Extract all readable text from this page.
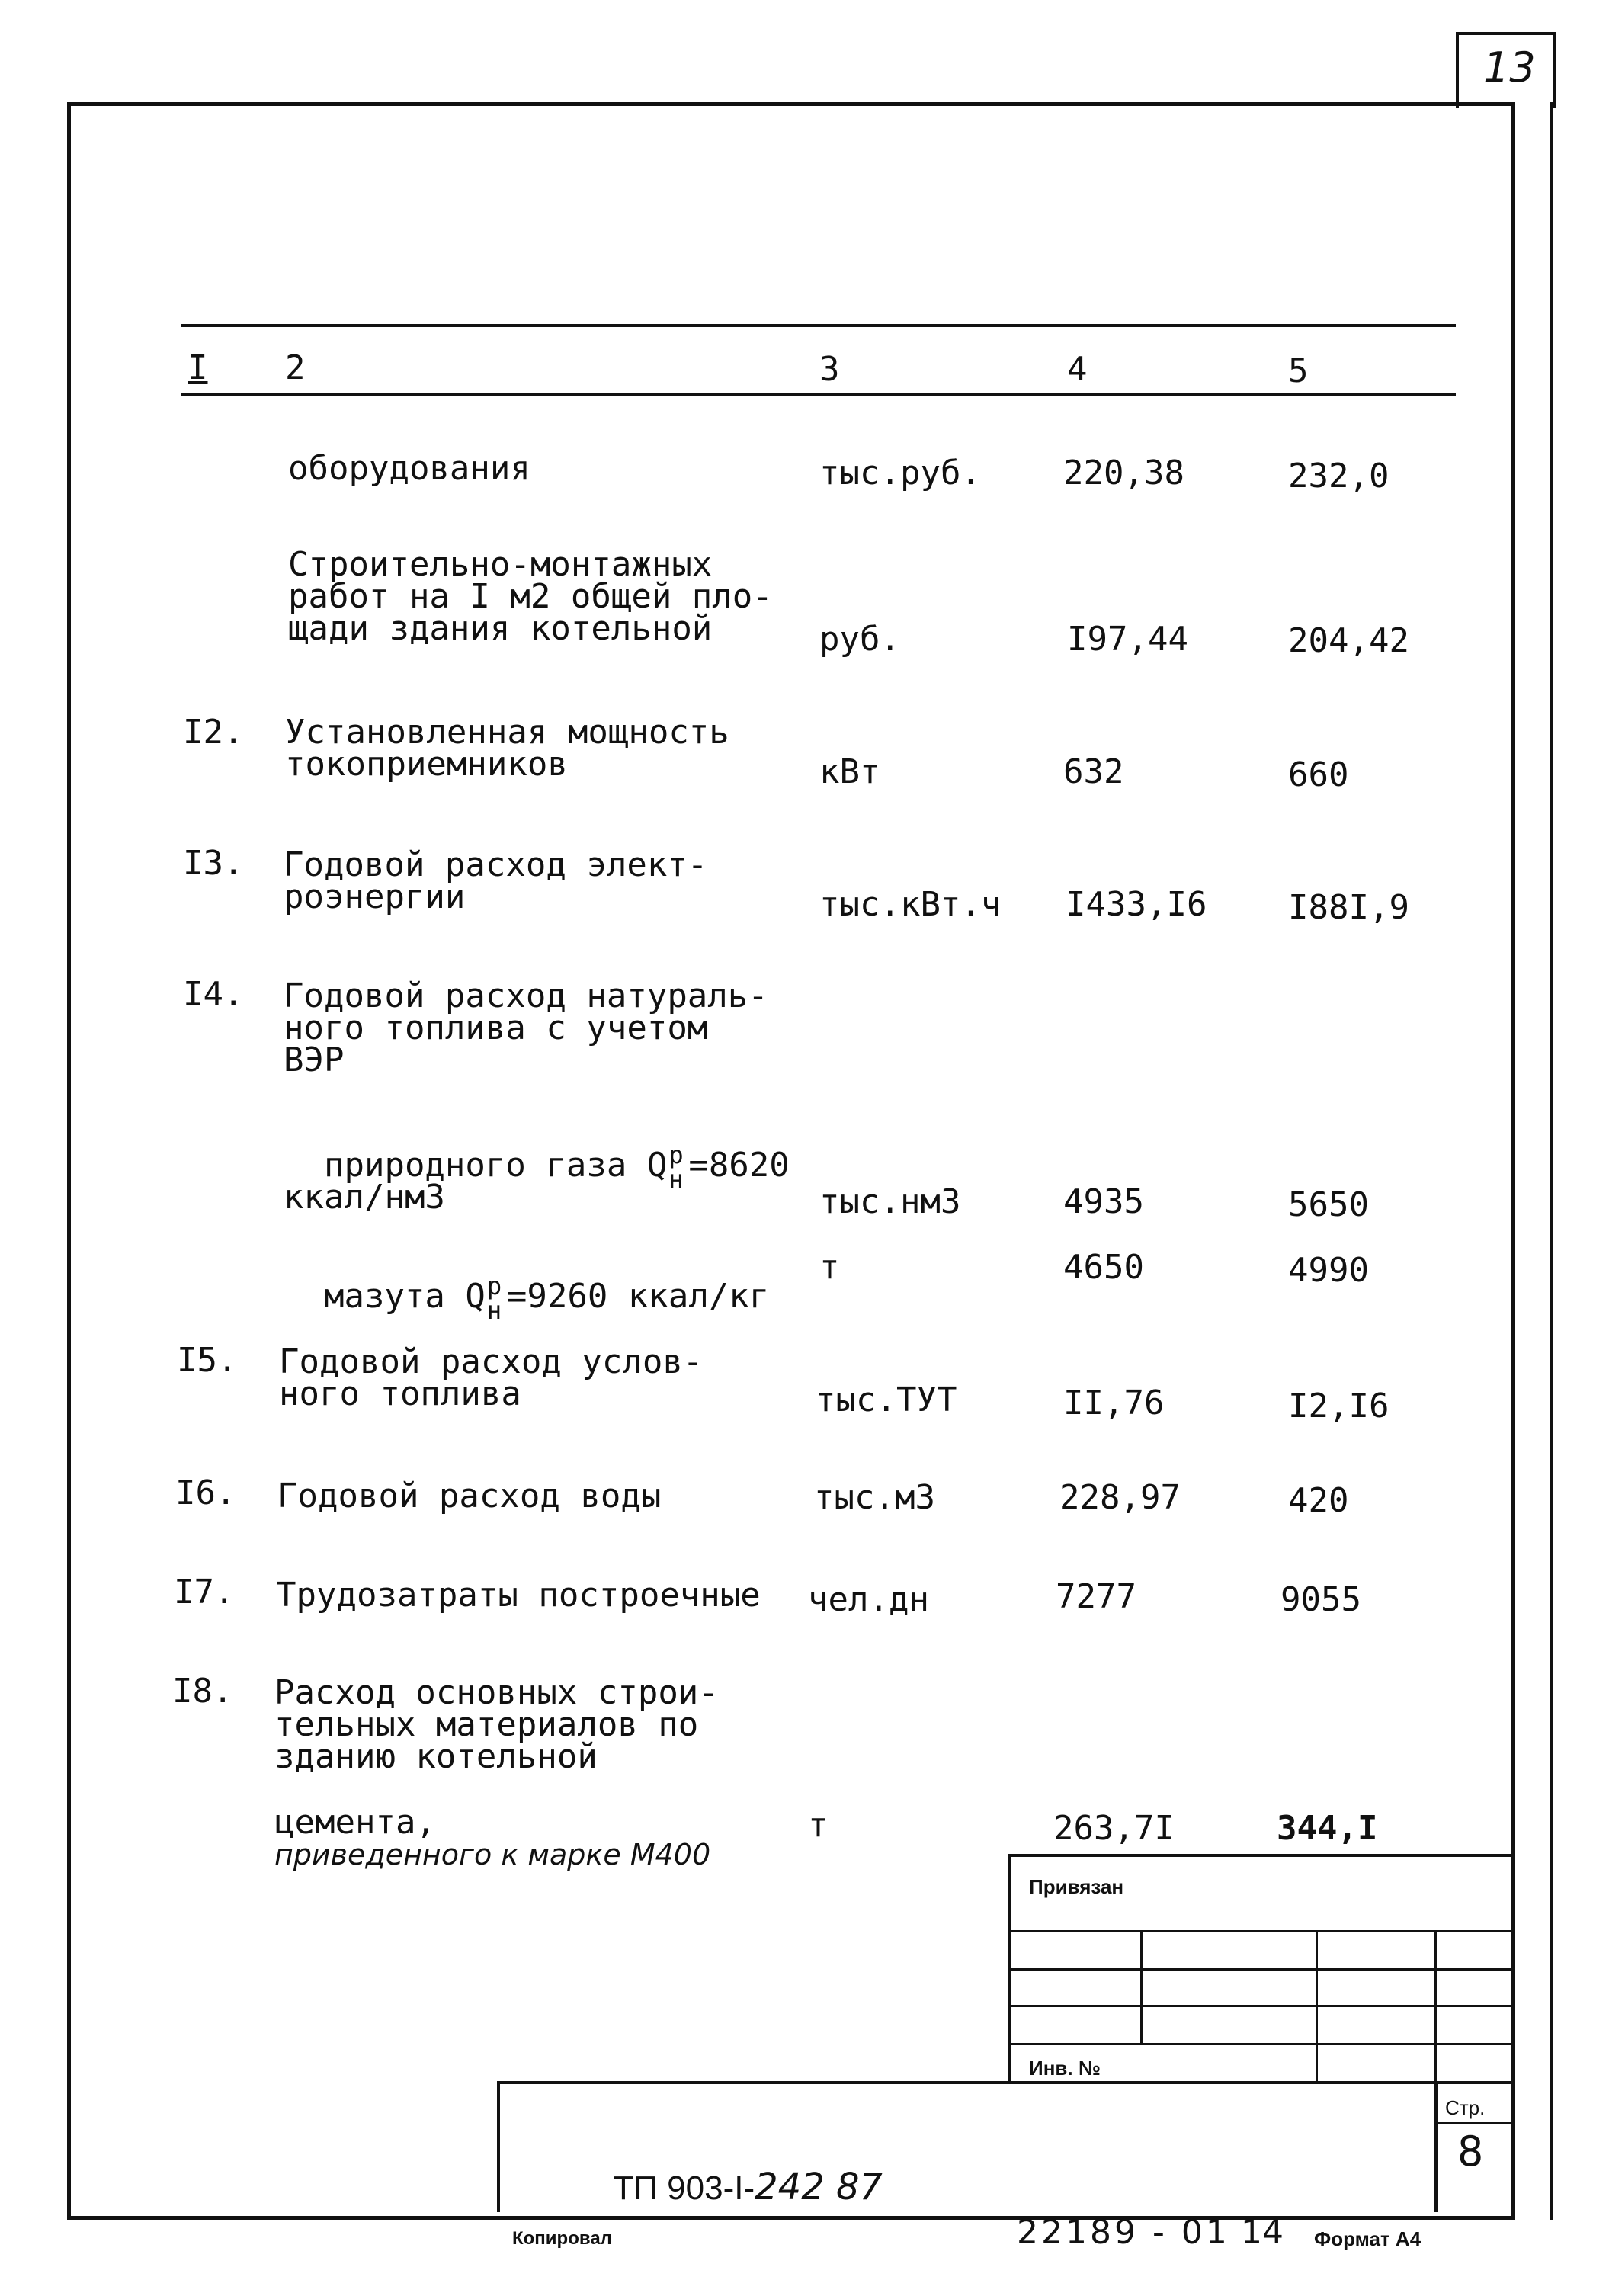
13
I 2	3	4	5
оборудования	тыс.руб. 220,38	232,0
Строительно-монтажных
работ на I м2 общей пло-
щади здания котельной	руб.	I97,44	204,42
I2. Установленная мощность
токоприемников	кВт	632	660
I3. Годовой расход элект-
роэнергии	тыс.кВт.ч I433,I6 I88I,9
I4. Годовой расход натураль-
ного топлива с учетом
ВЭР

природного газа Q р
н =8620

ккал/нм3	тыс.нм3	4935	5650

мазута Q р
н =9260 ккал/кг

т	4650	4990
I5. Годовой расход услов-
ного топлива	тыс.ТУТ	II,76	I2,I6
I6. Годовой расход воды	тыс.м3	228,97	420
I7. Трудозатраты построечные чел.дн	7277	9055
I8. Расход основных строи-
тельных материалов по
зданию котельной
цемента,
приведенного к марке М400
т	263,7I	344,I
Привязан
Инв. №
Стр.
8

ТП 903-I-242 87

Копировал	22189 - 01 14 Формат А4
